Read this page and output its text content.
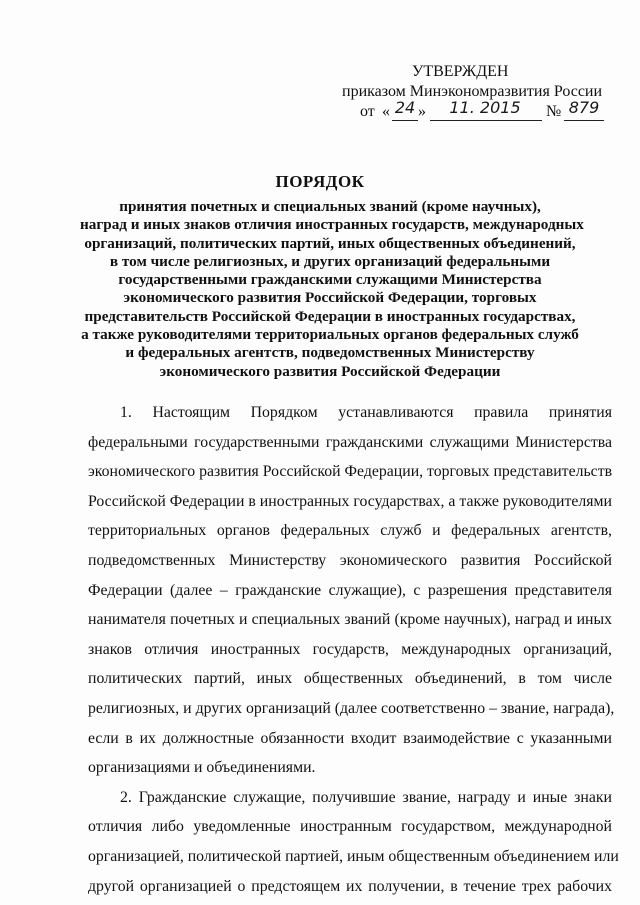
УТВЕРЖДЕН
приказом Минэкономразвития России
от « 24 »	11. 2015	№ 879
ПОРЯДОК
принятия почетных и специальных званий (кроме научных),
наград и иных знаков отличия иностранных государств, международных
организаций, политических партий, иных общественных объединений,
в том числе религиозных, и других организаций федеральными
государственными гражданскими служащими Министерства
экономического развития Российской Федерации, торговых
представительств Российской Федерации в иностранных государствах,
а также руководителями территориальных органов федеральных служб
и федеральных агентств, подведомственных Министерству
экономического развития Российской Федерации
1. Настоящим Порядком устанавливаются правила принятия
федеральными государственными гражданскими служащими Министерства
экономического развития Российской Федерации, торговых представительств
Российской Федерации в иностранных государствах, а также руководителями
территориальных органов федеральных служб и федеральных агентств,
подведомственных Министерству экономического развития Российской
Федерации (далее – гражданские служащие), с разрешения представителя
нанимателя почетных и специальных званий (кроме научных), наград и иных
знаков отличия иностранных государств, международных организаций,
политических партий, иных общественных объединений, в том числе
религиозных, и других организаций (далее соответственно – звание, награда),
если в их должностные обязанности входит взаимодействие с указанными
организациями и объединениями.
2. Гражданские служащие, получившие звание, награду и иные знаки
отличия либо уведомленные иностранным государством, международной
организацией, политической партией, иным общественным объединением или
другой организацией о предстоящем их получении, в течение трех рабочих
